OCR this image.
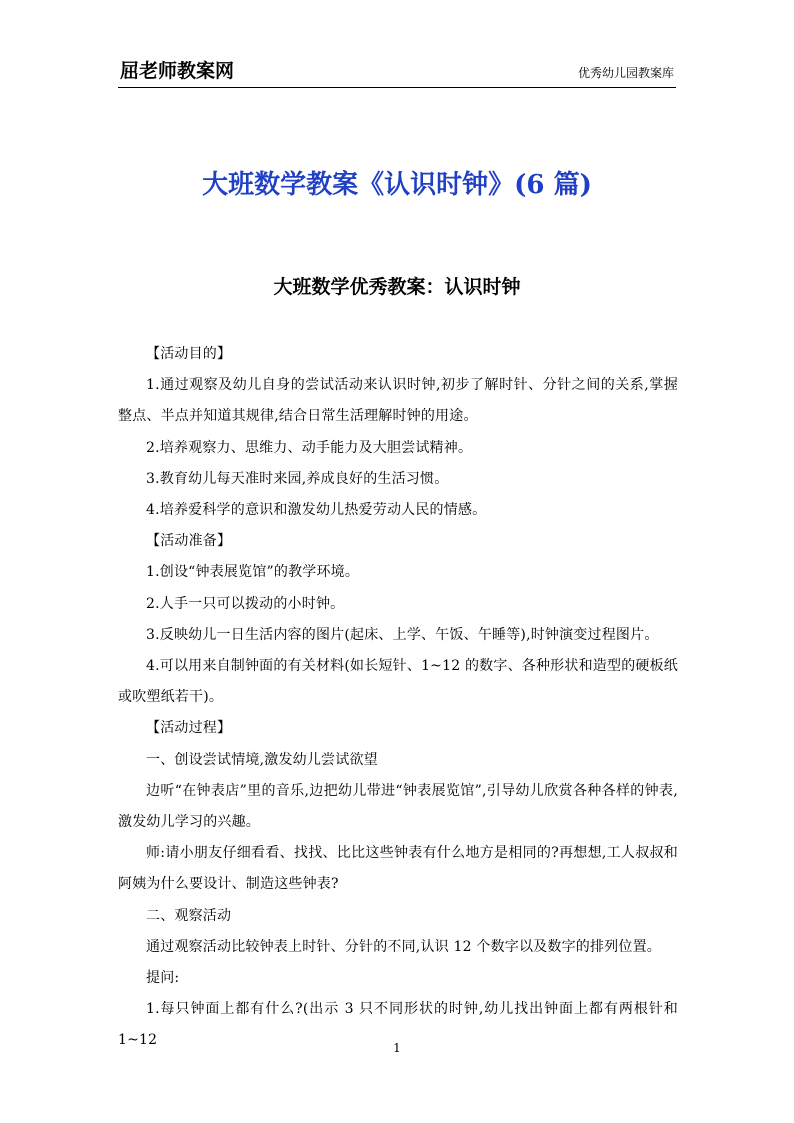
屈老师教案网	优秀幼儿园教案库
大班数学教案《认识时钟》(6 篇)
大班数学优秀教案：认识时钟

【活动目的】

1.通过观察及幼儿自身的尝试活动来认识时钟,初步了解时针、分针之间的关系,掌握整点、半点并知道其规律,结合日常生活理解时钟的用途。

2.培养观察力、思维力、动手能力及大胆尝试精神。

3.教育幼儿每天准时来园,养成良好的生活习惯。

4.培养爱科学的意识和激发幼儿热爱劳动人民的情感。

【活动准备】

1.创设“钟表展览馆”的教学环境。

2.人手一只可以拨动的小时钟。

3.反映幼儿一日生活内容的图片(起床、上学、午饭、午睡等),时钟演变过程图片。

4.可以用来自制钟面的有关材料(如长短针、1~12 的数字、各种形状和造型的硬板纸或吹塑纸若干)。

【活动过程】

一、创设尝试情境,激发幼儿尝试欲望

边听“在钟表店”里的音乐,边把幼儿带进“钟表展览馆”,引导幼儿欣赏各种各样的钟表,激发幼儿学习的兴趣。

师:请小朋友仔细看看、找找、比比这些钟表有什么地方是相同的?再想想,工人叔叔和阿姨为什么要设计、制造这些钟表?

二、观察活动

通过观察活动比较钟表上时针、分针的不同,认识 12 个数字以及数字的排列位置。

提问:

1.每只钟面上都有什么?(出示 3 只不同形状的时钟,幼儿找出钟面上都有两根针和 1~12	1
